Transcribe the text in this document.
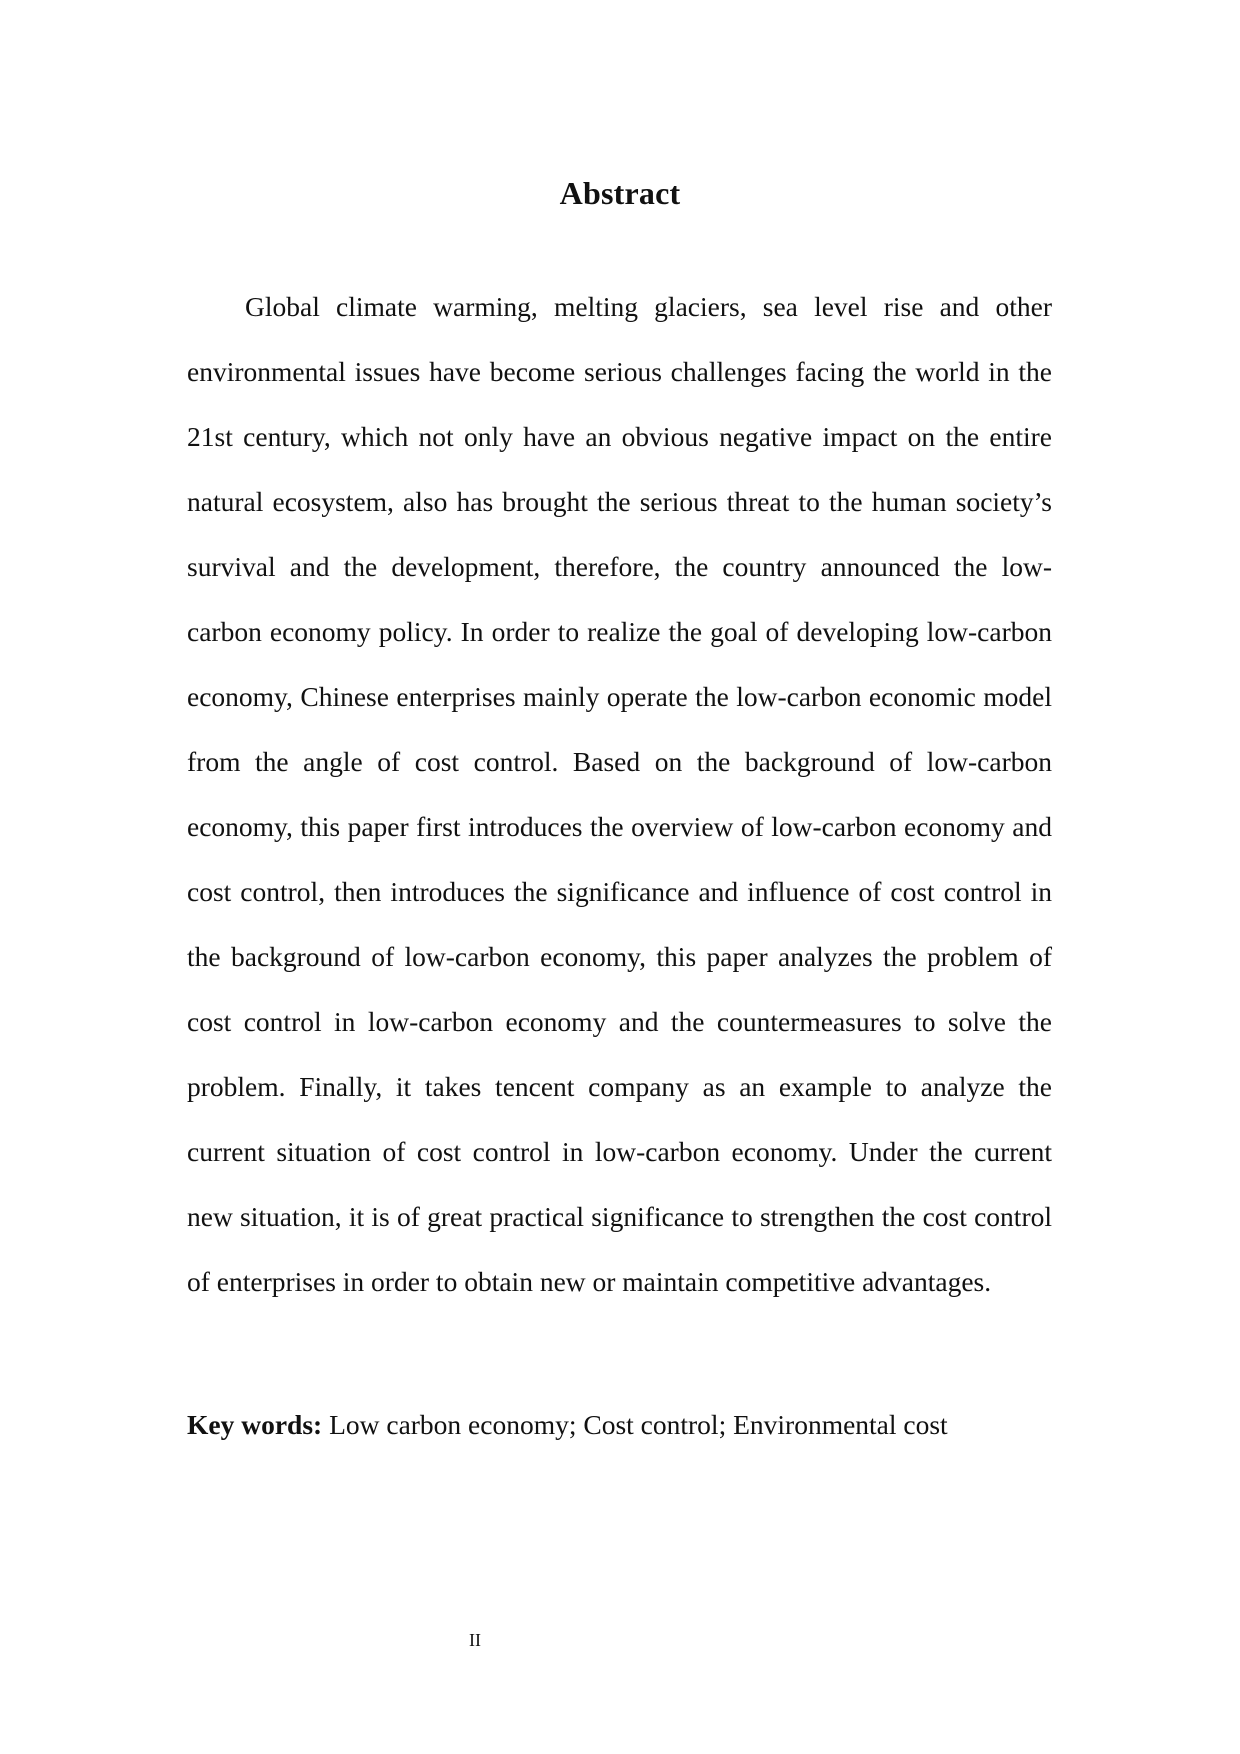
Abstract

Global climate warming, melting glaciers, sea level rise and other environmental issues have become serious challenges facing the world in the 21st century, which not only have an obvious negative impact on the entire natural ecosystem, also has brought the serious threat to the human society’s survival and the development, therefore, the country announced the low-carbon economy policy. In order to realize the goal of developing low-carbon economy, Chinese enterprises mainly operate the low-carbon economic model from the angle of cost control. Based on the background of low-carbon economy, this paper first introduces the overview of low-carbon economy and cost control, then introduces the significance and influence of cost control in the background of low-carbon economy, this paper analyzes the problem of cost control in low-carbon economy and the countermeasures to solve the problem. Finally, it takes tencent company as an example to analyze the current situation of cost control in low-carbon economy. Under the current new situation, it is of great practical significance to strengthen the cost control of enterprises in order to obtain new or maintain competitive advantages.

Key words: Low carbon economy; Cost control; Environmental cost

II
